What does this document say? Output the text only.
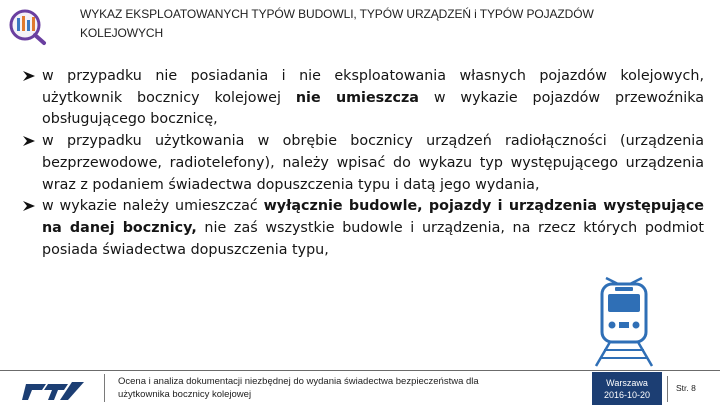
WYKAZ EKSPLOATOWANYCH TYPÓW BUDOWLI, TYPÓW URZĄDZEŃ i TYPÓW POJAZDÓW
KOLEJOWYCH
w przypadku nie posiadania i nie eksploatowania własnych pojazdów kolejowych, użytkownik bocznicy kolejowej nie umieszcza w wykazie pojazdów przewoźnika obsługującego bocznicę,
w przypadku użytkowania w obrębie bocznicy urządzeń radiołączności (urządzenia bezprzewodowe, radiotelefony), należy wpisać do wykazu typ występującego urządzenia wraz z podaniem świadectwa dopuszczenia typu i datą jego wydania,
w wykazie należy umieszczać wyłącznie budowle, pojazdy i urządzenia występujące na danej bocznicy, nie zaś wszystkie budowle i urządzenia, na rzecz których podmiot posiada świadectwa dopuszczenia typu,
Ocena i analiza dokumentacji niezbędnej do wydania świadectwa bezpieczeństwa dla
użytkownika bocznicy kolejowej
Warszawa
2016-10-20
Str. 8
